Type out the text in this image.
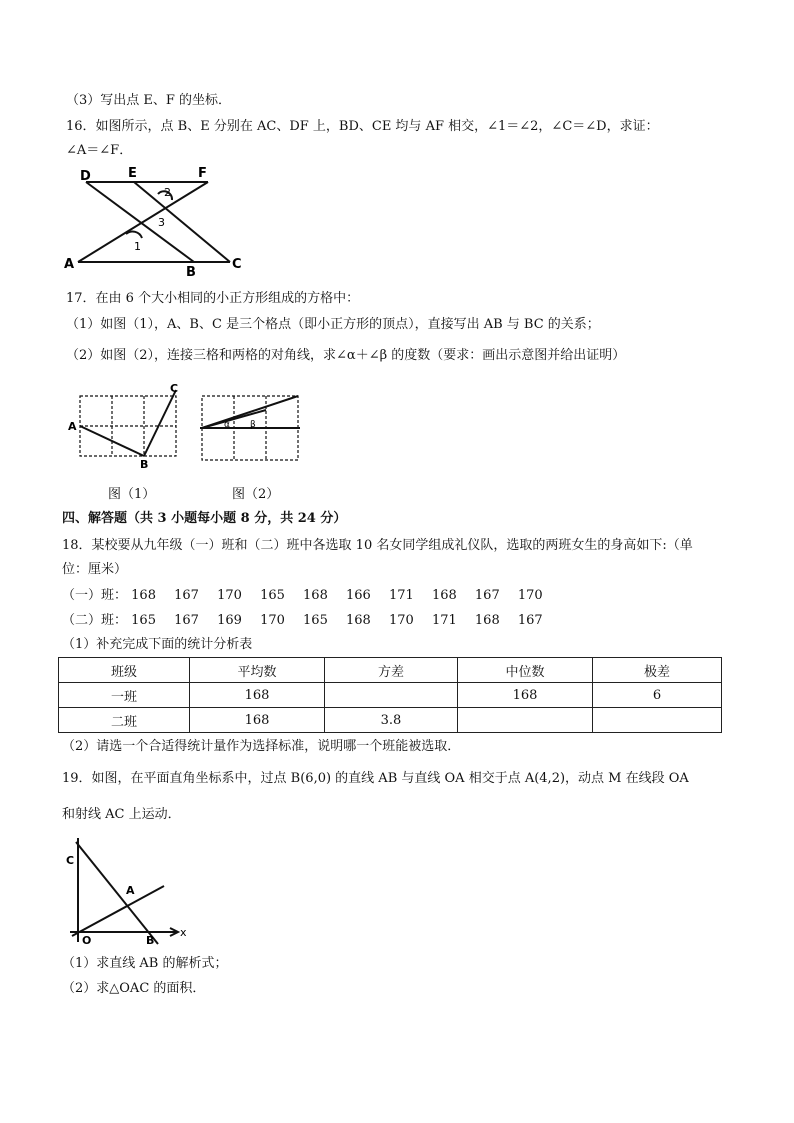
（3）写出点 E、F 的坐标．
16．如图所示，点 B、E 分别在 AC、DF 上，BD、CE 均与 AF 相交，∠1＝∠2，∠C＝∠D，求证：
∠A＝∠F．
D	E	F
A
B
C
1
2
3
17．在由 6 个大小相同的小正方形组成的方格中：
（1）如图（1），A、B、C 是三个格点（即小正方形的顶点），直接写出 AB 与 BC 的关系；
（2）如图（2），连接三格和两格的对角线，求∠α＋∠β 的度数（要求：画出示意图并给出证明）
A
B
C
α β
图（1）	图（2）
四、解答题（共 3 小题每小题 8 分，共 24 分）
18．某校要从九年级（一）班和（二）班中各选取 10 名女同学组成礼仪队，选取的两班女生的身高如下:（单
位：厘米）
（一）班： 168 167 170 165 168 166 171 168 167 170
（二）班： 165 167 169 170 165 168 170 171 168 167
（1）补充完成下面的统计分析表
班级	平均数	方差	中位数	极差
一班	168		168	6
二班	168	3.8		
（2）请选一个合适得统计量作为选择标准，说明哪一个班能被选取．
19．如图，在平面直角坐标系中，过点 B(6,0) 的直线 AB 与直线 OA 相交于点 A(4,2)，动点 M 在线段 OA
和射线 AC 上运动．
C
A
O	B
x
（1）求直线 AB 的解析式；
（2）求△OAC 的面积．
